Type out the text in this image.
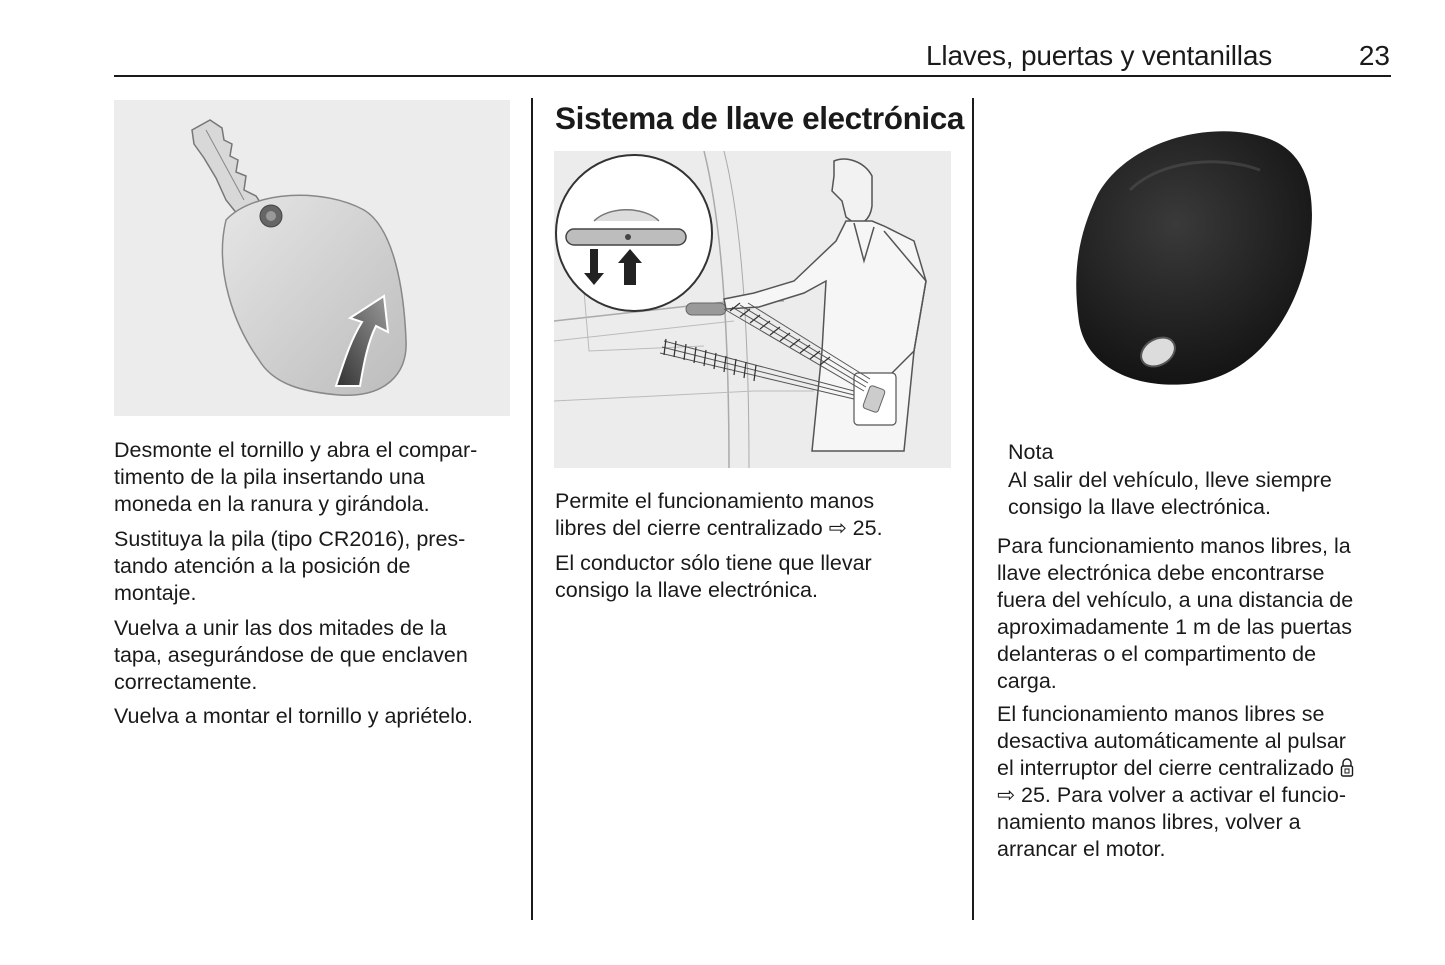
Llaves, puertas y ventanillas	23

Desmonte el tornillo y abra el compar-
timento de la pila insertando una
moneda en la ranura y girándola.

Sustituya la pila (tipo CR2016), pres-
tando atención a la posición de
montaje.

Vuelva a unir las dos mitades de la
tapa, asegurándose de que enclaven
correctamente.

Vuelva a montar el tornillo y apriételo.

Sistema de llave electrónica

Permite el funcionamiento manos
libres del cierre centralizado ⇨ 25.

El conductor sólo tiene que llevar
consigo la llave electrónica.

Nota

Al salir del vehículo, lleve siempre
consigo la llave electrónica.

Para funcionamiento manos libres, la
llave electrónica debe encontrarse
fuera del vehículo, a una distancia de
aproximadamente 1 m de las puertas
delanteras o el compartimento de
carga.

El funcionamiento manos libres se
desactiva automáticamente al pulsar
el interruptor del cierre centralizado
⇨ 25. Para volver a activar el funcio-
namiento manos libres, volver a
arrancar el motor.
